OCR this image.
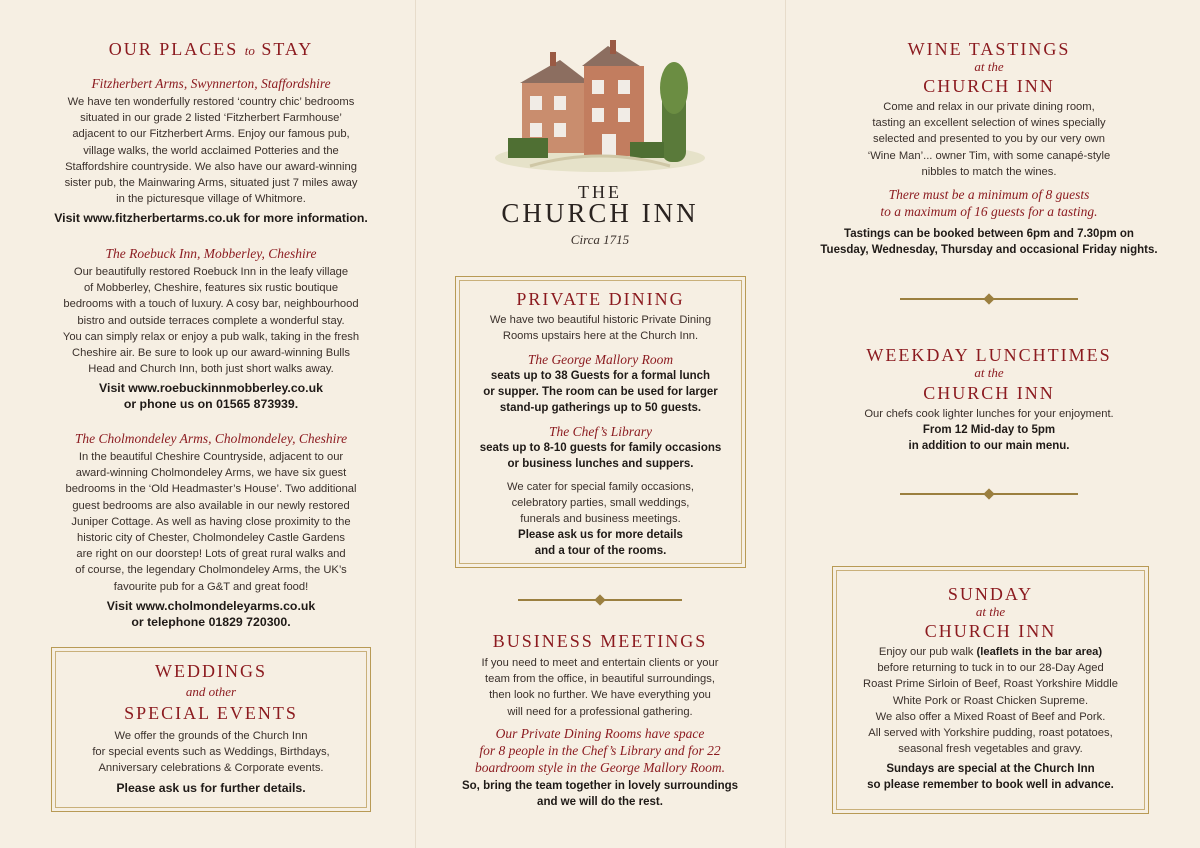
OUR PLACES to STAY
Fitzherbert Arms, Swynnerton, Staffordshire
We have ten wonderfully restored ‘country chic’ bedrooms
situated in our grade 2 listed ‘Fitzherbert Farmhouse’
adjacent to our Fitzherbert Arms. Enjoy our famous pub,
village walks, the world acclaimed Potteries and the
Staffordshire countryside. We also have our award-winning
sister pub, the Mainwaring Arms, situated just 7 miles away
in the picturesque village of Whitmore.
Visit www.fitzherbertarms.co.uk for more information.
The Roebuck Inn, Mobberley, Cheshire
Our beautifully restored Roebuck Inn in the leafy village
of Mobberley, Cheshire, features six rustic boutique
bedrooms with a touch of luxury. A cosy bar, neighbourhood
bistro and outside terraces complete a wonderful stay.
You can simply relax or enjoy a pub walk, taking in the fresh
Cheshire air. Be sure to look up our award-winning Bulls
Head and Church Inn, both just short walks away.
Visit www.roebuckinnmobberley.co.uk
or phone us on 01565 873939.
The Cholmondeley Arms, Cholmondeley, Cheshire
In the beautiful Cheshire Countryside, adjacent to our
award-winning Cholmondeley Arms, we have six guest
bedrooms in the ‘Old Headmaster’s House’. Two additional
guest bedrooms are also available in our newly restored
Juniper Cottage. As well as having close proximity to the
historic city of Chester, Cholmondeley Castle Gardens
are right on our doorstep! Lots of great rural walks and
of course, the legendary Cholmondeley Arms, the UK’s
favourite pub for a G&T and great food!
Visit www.cholmondeleyarms.co.uk
or telephone 01829 720300.
WEDDINGS
and other
SPECIAL EVENTS
We offer the grounds of the Church Inn
for special events such as Weddings, Birthdays,
Anniversary celebrations & Corporate events.
Please ask us for further details.
THE
CHURCH INN
Circa 1715
PRIVATE DINING
We have two beautiful historic Private Dining
Rooms upstairs here at the Church Inn.
The George Mallory Room
seats up to 38 Guests for a formal lunch
or supper. The room can be used for larger
stand-up gatherings up to 50 guests.
The Chef’s Library
seats up to 8-10 guests for family occasions
or business lunches and suppers.
We cater for special family occasions,
celebratory parties, small weddings,
funerals and business meetings.
Please ask us for more details
and a tour of the rooms.
BUSINESS MEETINGS
If you need to meet and entertain clients or your
team from the office, in beautiful surroundings,
then look no further. We have everything you
will need for a professional gathering.
Our Private Dining Rooms have space
for 8 people in the Chef’s Library and for 22
boardroom style in the George Mallory Room.
So, bring the team together in lovely surroundings
and we will do the rest.
WINE TASTINGS
at the
CHURCH INN
Come and relax in our private dining room,
tasting an excellent selection of wines specially
selected and presented to you by our very own
‘Wine Man’... owner Tim, with some canapé-style
nibbles to match the wines.
There must be a minimum of 8 guests
to a maximum of 16 guests for a tasting.
Tastings can be booked between 6pm and 7.30pm on
Tuesday, Wednesday, Thursday and occasional Friday nights.
WEEKDAY LUNCHTIMES
at the
CHURCH INN
Our chefs cook lighter lunches for your enjoyment.
From 12 Mid-day to 5pm
in addition to our main menu.
SUNDAY
at the
CHURCH INN
Enjoy our pub walk (leaflets in the bar area)
before returning to tuck in to our 28-Day Aged
Roast Prime Sirloin of Beef, Roast Yorkshire Middle
White Pork or Roast Chicken Supreme.
We also offer a Mixed Roast of Beef and Pork.
All served with Yorkshire pudding, roast potatoes,
seasonal fresh vegetables and gravy.
Sundays are special at the Church Inn
so please remember to book well in advance.
